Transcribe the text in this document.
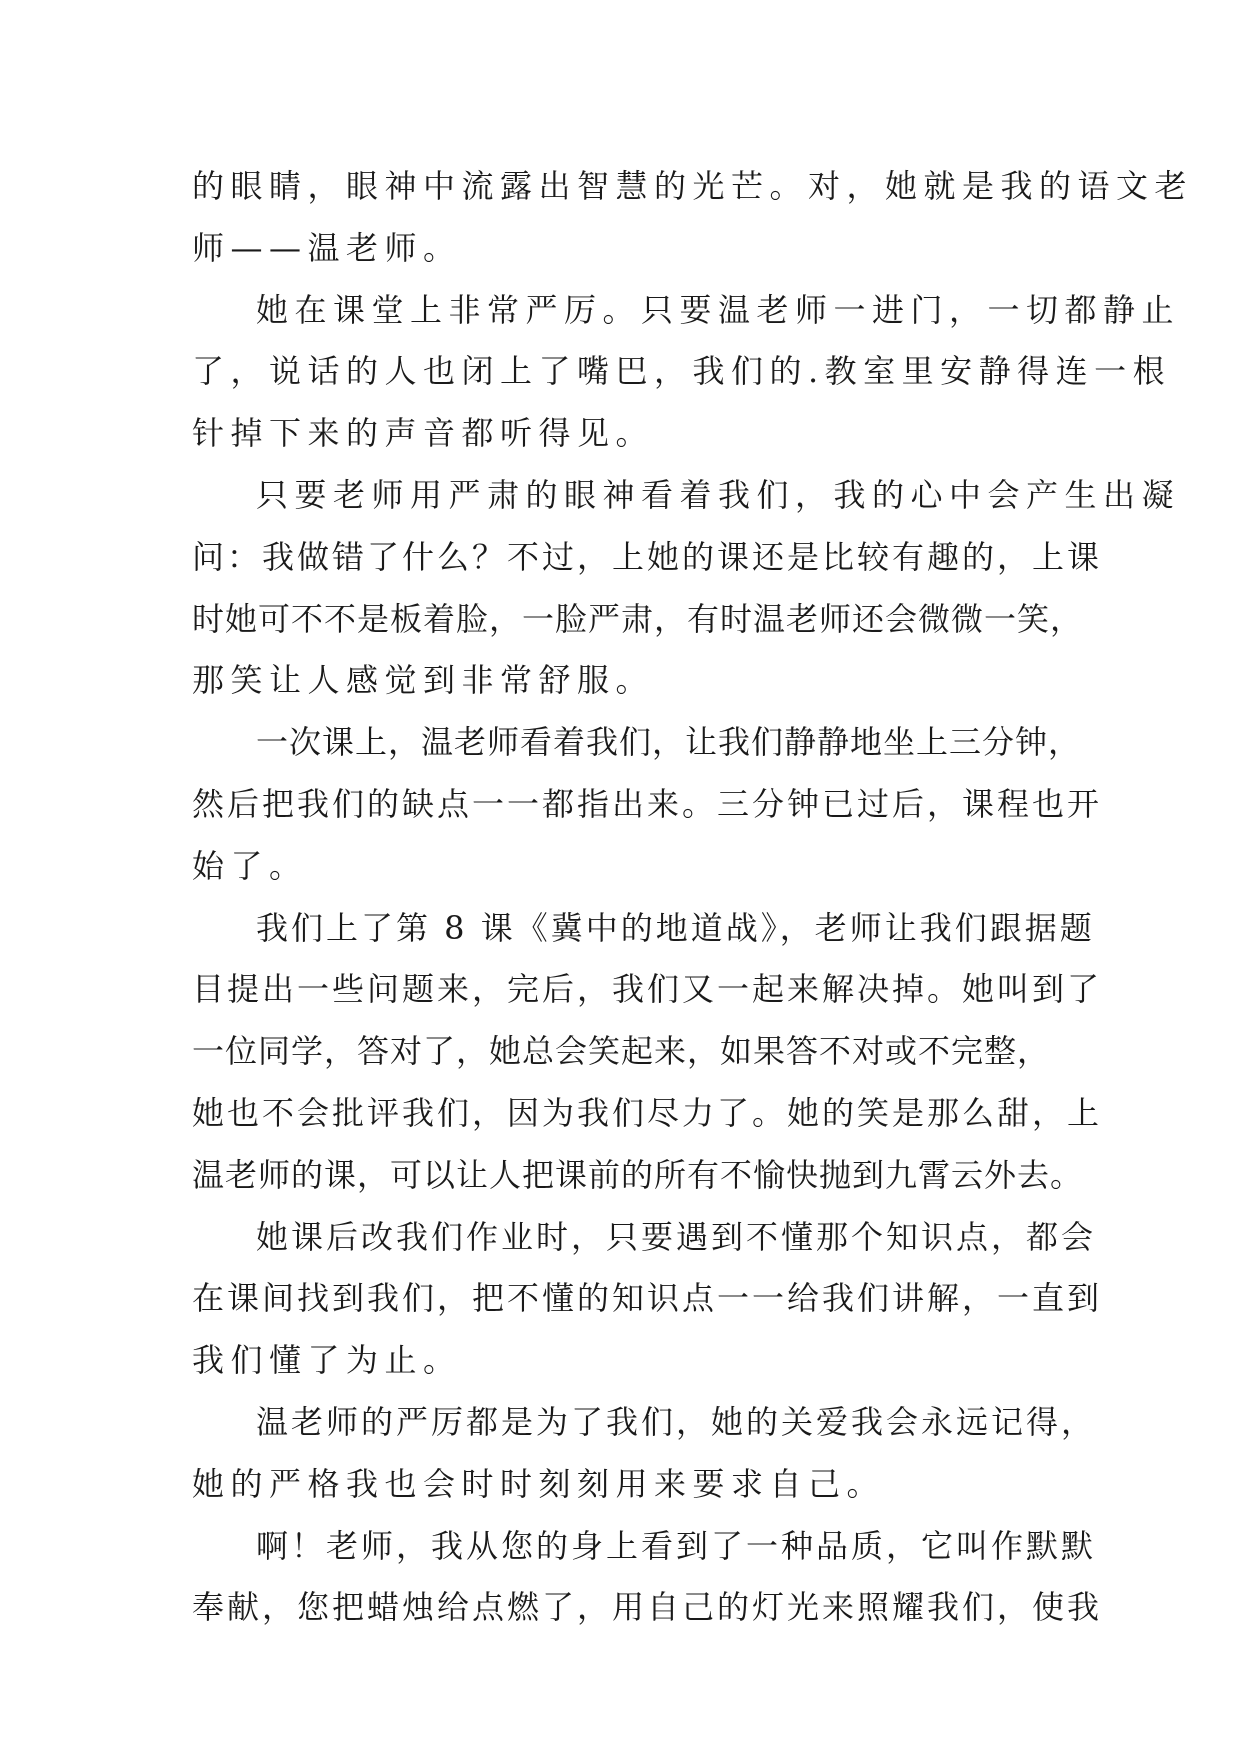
的眼睛，眼神中流露出智慧的光芒。对，她就是我的语文老
师——温老师。
她在课堂上非常严厉。只要温老师一进门，一切都静止
了，说话的人也闭上了嘴巴，我们的.教室里安静得连一根
针掉下来的声音都听得见。
只要老师用严肃的眼神看着我们，我的心中会产生出凝
问：我做错了什么？不过，上她的课还是比较有趣的，上课
时她可不不是板着脸，一脸严肃，有时温老师还会微微一笑，
那笑让人感觉到非常舒服。
一次课上，温老师看着我们，让我们静静地坐上三分钟，
然后把我们的缺点一一都指出来。三分钟已过后，课程也开
始了。
我们上了第 8 课《冀中的地道战》，老师让我们跟据题
目提出一些问题来，完后，我们又一起来解决掉。她叫到了
一位同学，答对了，她总会笑起来，如果答不对或不完整，
她也不会批评我们，因为我们尽力了。她的笑是那么甜，上
温老师的课，可以让人把课前的所有不愉快抛到九霄云外去。
她课后改我们作业时，只要遇到不懂那个知识点，都会
在课间找到我们，把不懂的知识点一一给我们讲解，一直到
我们懂了为止。
温老师的严厉都是为了我们，她的关爱我会永远记得，
她的严格我也会时时刻刻用来要求自己。
啊！老师，我从您的身上看到了一种品质，它叫作默默
奉献，您把蜡烛给点燃了，用自己的灯光来照耀我们，使我
